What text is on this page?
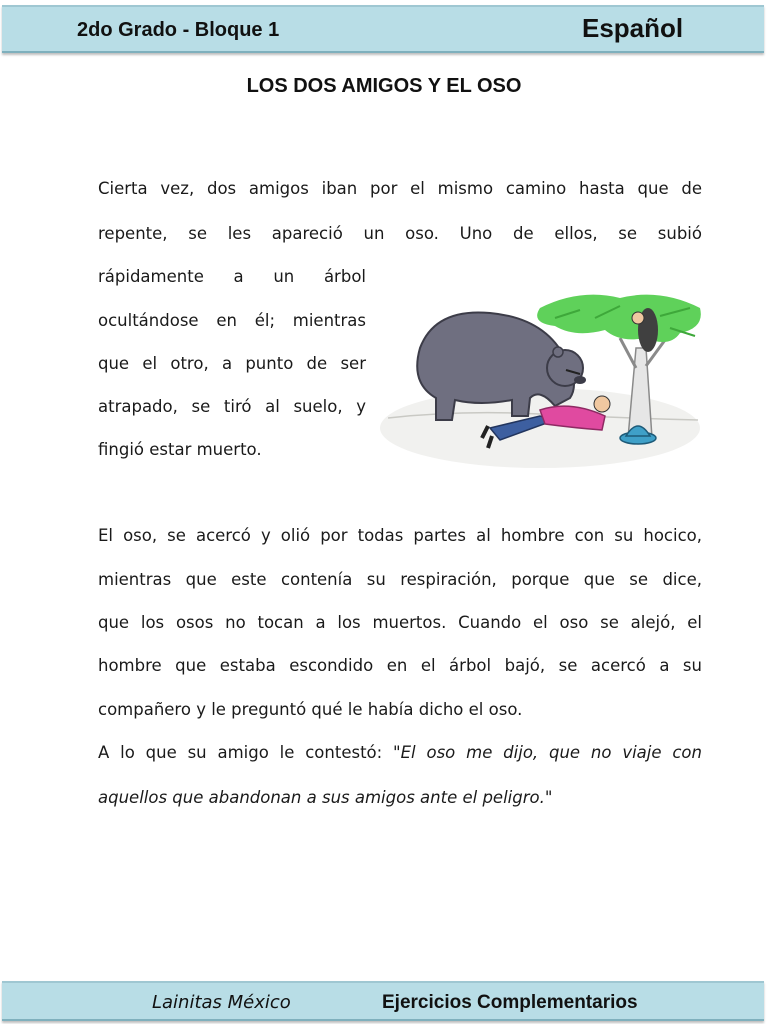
2do Grado - Bloque 1	Español
LOS DOS AMIGOS Y EL OSO

Cierta vez, dos amigos iban por el mismo camino hasta que de

repente, se les apareció un oso. Uno de ellos, se subió

rápidamente a un árbol

ocultándose en él; mientras

que el otro, a punto de ser

atrapado, se tiró al suelo, y

fingió estar muerto.

El oso, se acercó y olió por todas partes al hombre con su hocico,

mientras que este contenía su respiración, porque que se dice,

que los osos no tocan a los muertos. Cuando el oso se alejó, el

hombre que estaba escondido en el árbol bajó, se acercó a su

compañero y le preguntó qué le había dicho el oso.

A lo que su amigo le contestó: "El oso me dijo, que no viaje con

aquellos que abandonan a sus amigos ante el peligro."

Lainitas México	Ejercicios Complementarios
